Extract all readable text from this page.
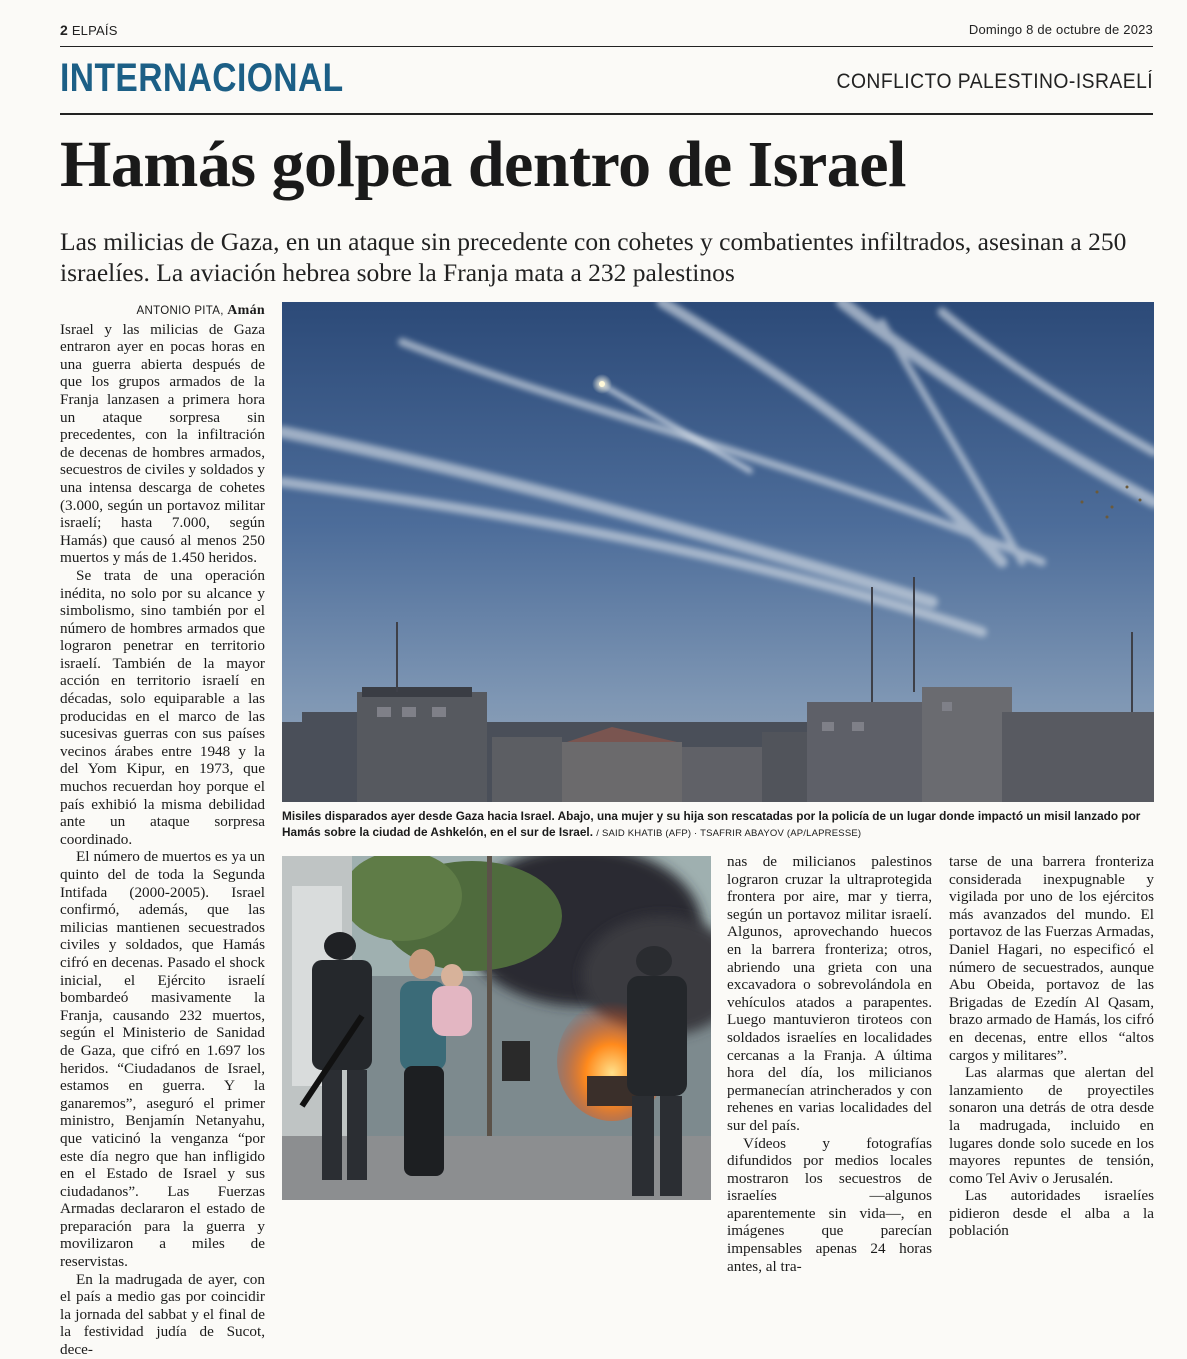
2 ELPAÍS	Domingo 8 de octubre de 2023
INTERNACIONAL	CONFLICTO PALESTINO-ISRAELÍ
Hamás golpea dentro de Israel
Las milicias de Gaza, en un ataque sin precedente con cohetes y combatientes infiltrados, asesinan a 250 israelíes. La aviación hebrea sobre la Franja mata a 232 palestinos
ANTONIO PITA, Amán

Israel y las milicias de Gaza entraron ayer en pocas horas en una guerra abierta después de que los grupos armados de la Franja lanzasen a primera hora un ataque sorpresa sin precedentes, con la infiltración de decenas de hombres armados, secuestros de civiles y soldados y una intensa descarga de cohetes (3.000, según un portavoz militar israelí; hasta 7.000, según Hamás) que causó al menos 250 muertos y más de 1.450 heridos.

Se trata de una operación inédita, no solo por su alcance y simbolismo, sino también por el número de hombres armados que lograron penetrar en territorio israelí. También de la mayor acción en territorio israelí en décadas, solo equiparable a las producidas en el marco de las sucesivas guerras con sus países vecinos árabes entre 1948 y la del Yom Kipur, en 1973, que muchos recuerdan hoy porque el país exhibió la misma debilidad ante un ataque sorpresa coordinado.

El número de muertos es ya un quinto del de toda la Segunda Intifada (2000-2005). Israel confirmó, además, que las milicias mantienen secuestrados civiles y soldados, que Hamás cifró en decenas. Pasado el shock inicial, el Ejército israelí bombardeó masivamente la Franja, causando 232 muertos, según el Ministerio de Sanidad de Gaza, que cifró en 1.697 los heridos. “Ciudadanos de Israel, estamos en guerra. Y la ganaremos”, aseguró el primer ministro, Benjamín Netanyahu, que vaticinó la venganza “por este día negro que han infligido en el Estado de Israel y sus ciudadanos”. Las Fuerzas Armadas declararon el estado de preparación para la guerra y movilizaron a miles de reservistas.

En la madrugada de ayer, con el país a medio gas por coincidir la jornada del sabbat y el final de la festividad judía de Sucot, dece-

Misiles disparados ayer desde Gaza hacia Israel. Abajo, una mujer y su hija son rescatadas por la policía de un lugar donde impactó un misil lanzado por Hamás sobre la ciudad de Ashkelón, en el sur de Israel. / SAID KHATIB (AFP) · TSAFRIR ABAYOV (AP/LAPRESSE)

nas de milicianos palestinos lograron cruzar la ultraprotegida frontera por aire, mar y tierra, según un portavoz militar israelí. Algunos, aprovechando huecos en la barrera fronteriza; otros, abriendo una grieta con una excavadora o sobrevolándola en vehículos atados a parapentes. Luego mantuvieron tiroteos con soldados israelíes en localidades cercanas a la Franja. A última hora del día, los milicianos permanecían atrincherados y con rehenes en varias localidades del sur del país.

Vídeos y fotografías difundidos por medios locales mostraron los secuestros de israelíes —algunos aparentemente sin vida—, en imágenes que parecían impensables apenas 24 horas antes, al tra-

tarse de una barrera fronteriza considerada inexpugnable y vigilada por uno de los ejércitos más avanzados del mundo. El portavoz de las Fuerzas Armadas, Daniel Hagari, no especificó el número de secuestrados, aunque Abu Obeida, portavoz de las Brigadas de Ezedín Al Qasam, brazo armado de Hamás, los cifró en decenas, entre ellos “altos cargos y militares”.

Las alarmas que alertan del lanzamiento de proyectiles sonaron una detrás de otra desde la madrugada, incluido en lugares donde solo sucede en los mayores repuntes de tensión, como Tel Aviv o Jerusalén.

Las autoridades israelíes pidieron desde el alba a la población
